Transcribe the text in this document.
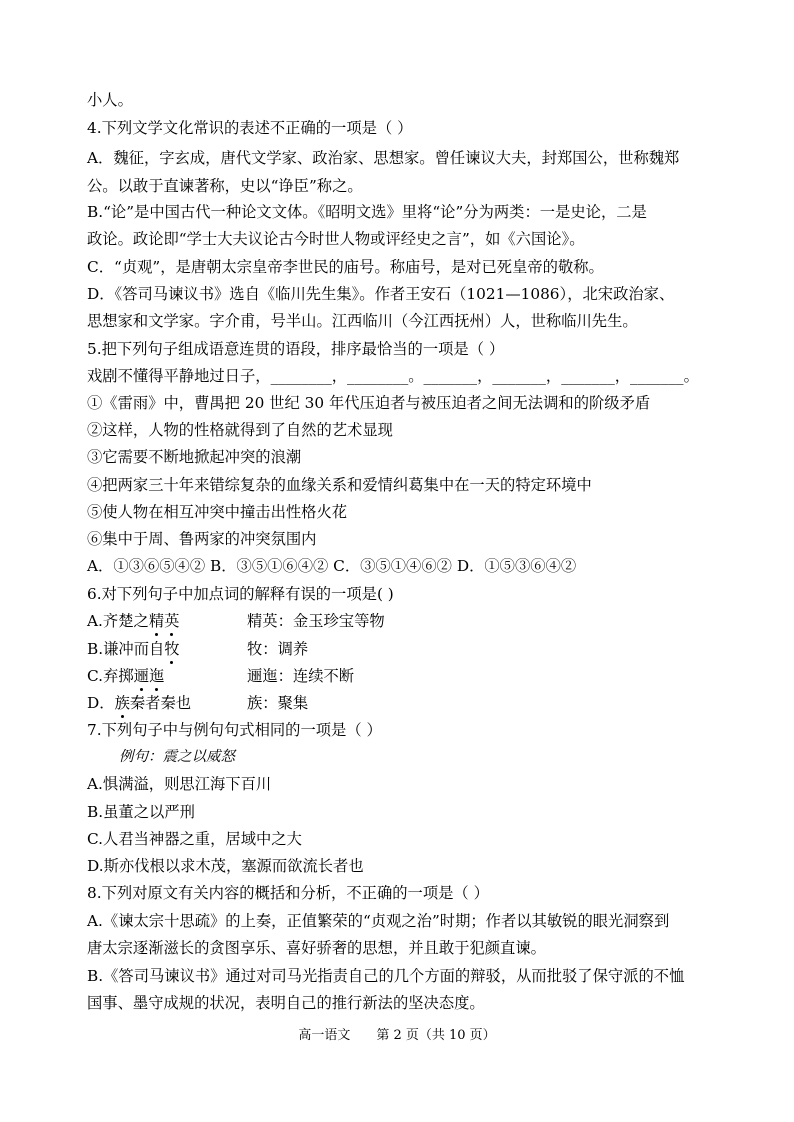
小人。
4.下列文学文化常识的表述不正确的一项是（ ）
A．魏征，字玄成，唐代文学家、政治家、思想家。曾任谏议大夫，封郑国公，世称魏郑
公。以敢于直谏著称，史以“诤臣”称之。
B.“论”是中国古代一种论文文体。《昭明文选》里将“论”分为两类：一是史论，二是
政论。政论即“学士大夫议论古今时世人物或评经史之言”，如《六国论》。
C．“贞观”，是唐朝太宗皇帝李世民的庙号。称庙号，是对已死皇帝的敬称。
D．《答司马谏议书》选自《临川先生集》。作者王安石（1021—1086），北宋政治家、
思想家和文学家。字介甫，号半山。江西临川（今江西抚州）人，世称临川先生。
5.把下列句子组成语意连贯的语段，排序最恰当的一项是（ ）
戏剧不懂得平静地过日子，________，________。_______，_______，_______，_______。
①《雷雨》中，曹禺把 20 世纪 30 年代压迫者与被压迫者之间无法调和的阶级矛盾
②这样，人物的性格就得到了自然的艺术显现
③它需要不断地掀起冲突的浪潮
④把两家三十年来错综复杂的血缘关系和爱情纠葛集中在一天的特定环境中
⑤使人物在相互冲突中撞击出性格火花
⑥集中于周、鲁两家的冲突氛围内
A．①③⑥⑤④② B．③⑤①⑥④② C．③⑤①④⑥② D．①⑤③⑥④②
6.对下列句子中加点词的解释有误的一项是( )
A.齐楚之精英	精英：金玉珍宝等物
B.谦冲而自牧	牧：调养
C.弃掷逦迤	逦迤：连续不断
D．族秦者秦也	族：聚集
7.下列句子中与例句句式相同的一项是（ ）
例句：震之以威怒
A.惧满溢，则思江海下百川
B.虽董之以严刑
C.人君当神器之重，居域中之大
D.斯亦伐根以求木茂，塞源而欲流长者也
8.下列对原文有关内容的概括和分析，不正确的一项是（ ）
A.《谏太宗十思疏》的上奏，正值繁荣的“贞观之治”时期；作者以其敏锐的眼光洞察到
唐太宗逐渐滋长的贪图享乐、喜好骄奢的思想，并且敢于犯颜直谏。
B.《答司马谏议书》通过对司马光指责自己的几个方面的辩驳，从而批驳了保守派的不恤
国事、墨守成规的状况，表明自己的推行新法的坚决态度。
高一语文 第 2 页（共 10 页）
